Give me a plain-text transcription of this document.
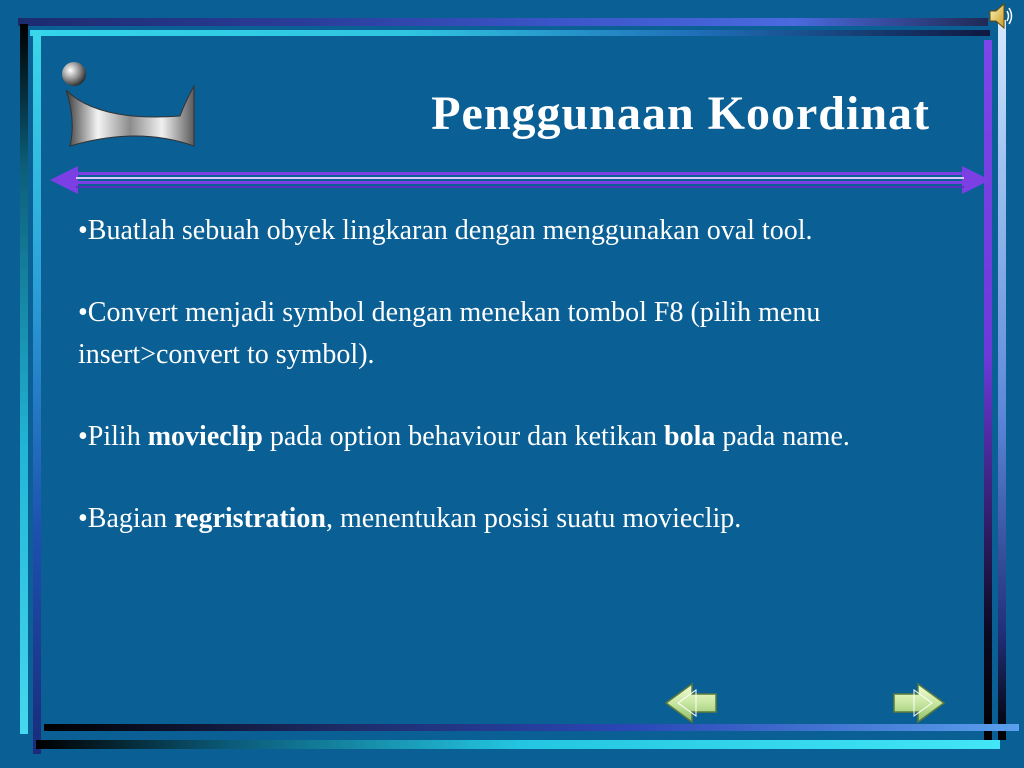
Penggunaan Koordinat

•Buatlah sebuah obyek lingkaran dengan menggunakan oval tool.

•Convert menjadi symbol dengan menekan tombol F8 (pilih menu insert>convert to symbol).

•Pilih movieclip pada option behaviour dan ketikan bola pada name.

•Bagian regristration, menentukan posisi suatu movieclip.
